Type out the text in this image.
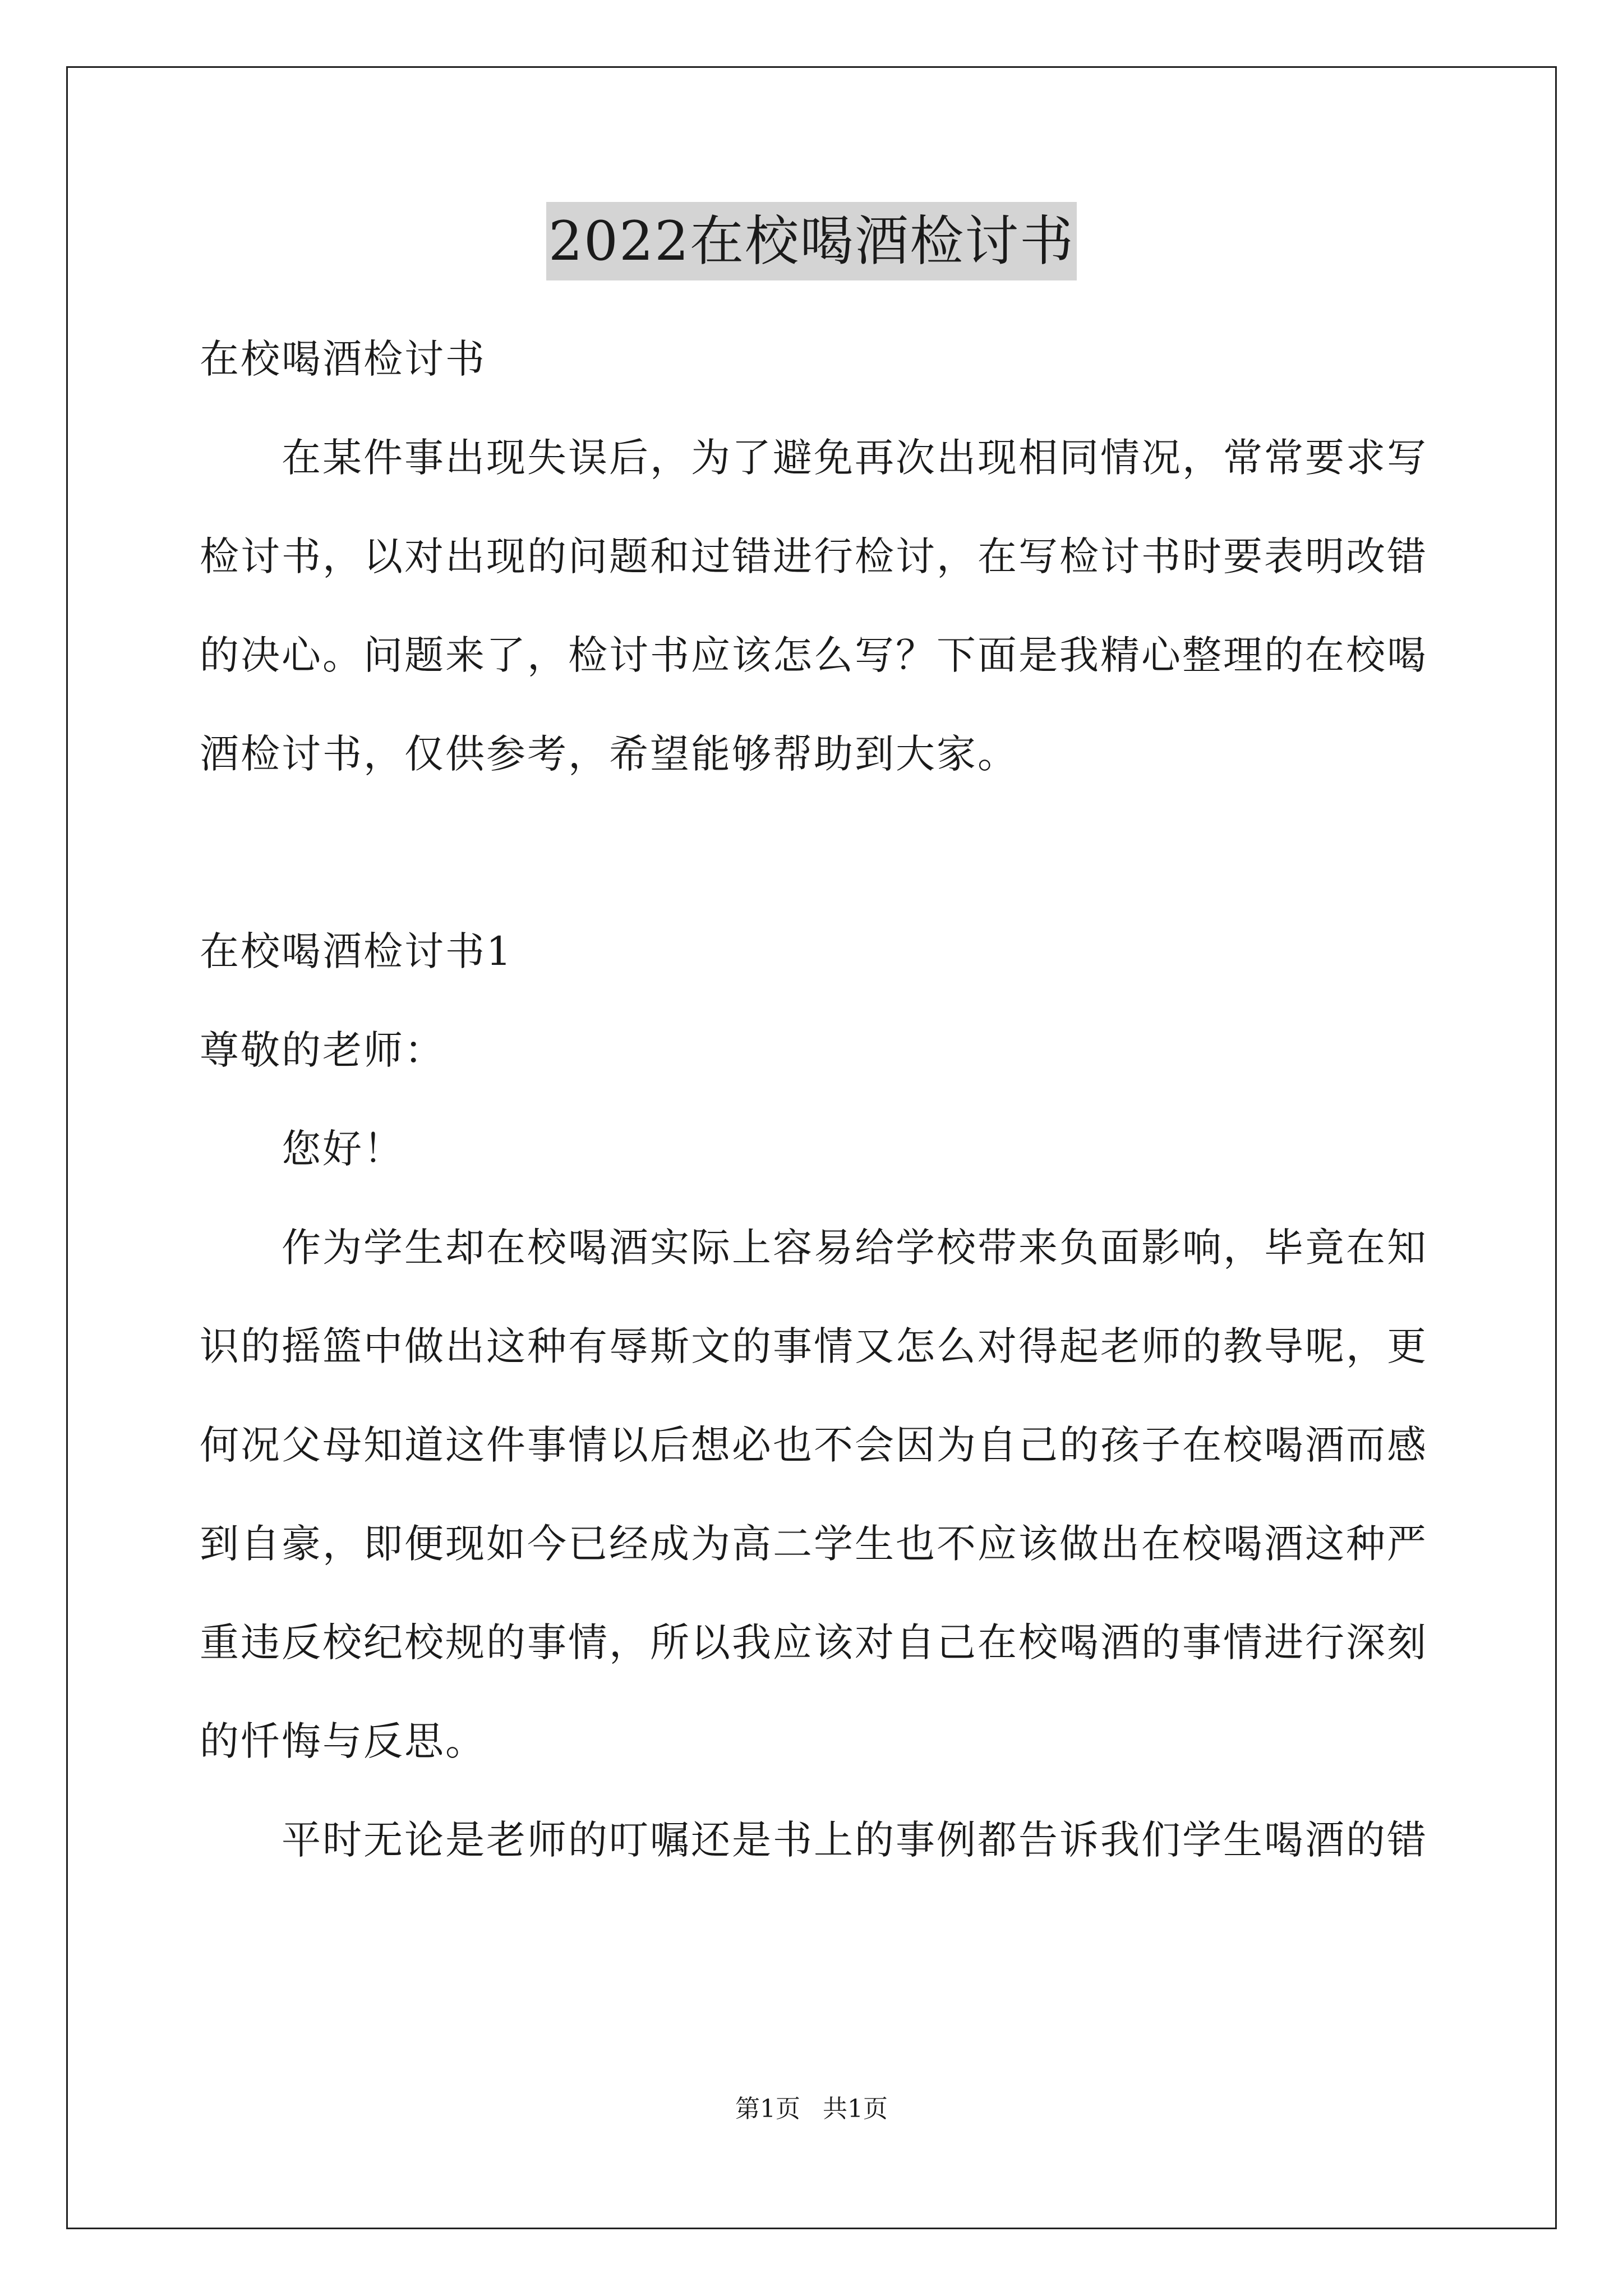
2022在校喝酒检讨书

在校喝酒检讨书

在某件事出现失误后，为了避免再次出现相同情况，常常要求写检讨书，以对出现的问题和过错进行检讨，在写检讨书时要表明改错的决心。问题来了，检讨书应该怎么写？下面是我精心整理的在校喝酒检讨书，仅供参考，希望能够帮助到大家。

在校喝酒检讨书1

尊敬的老师：

您好！

作为学生却在校喝酒实际上容易给学校带来负面影响，毕竟在知识的摇篮中做出这种有辱斯文的事情又怎么对得起老师的教导呢，更何况父母知道这件事情以后想必也不会因为自己的孩子在校喝酒而感到自豪，即便现如今已经成为高二学生也不应该做出在校喝酒这种严重违反校纪校规的事情，所以我应该对自己在校喝酒的事情进行深刻的忏悔与反思。

平时无论是老师的叮嘱还是书上的事例都告诉我们学生喝酒的错

第1页 共1页
